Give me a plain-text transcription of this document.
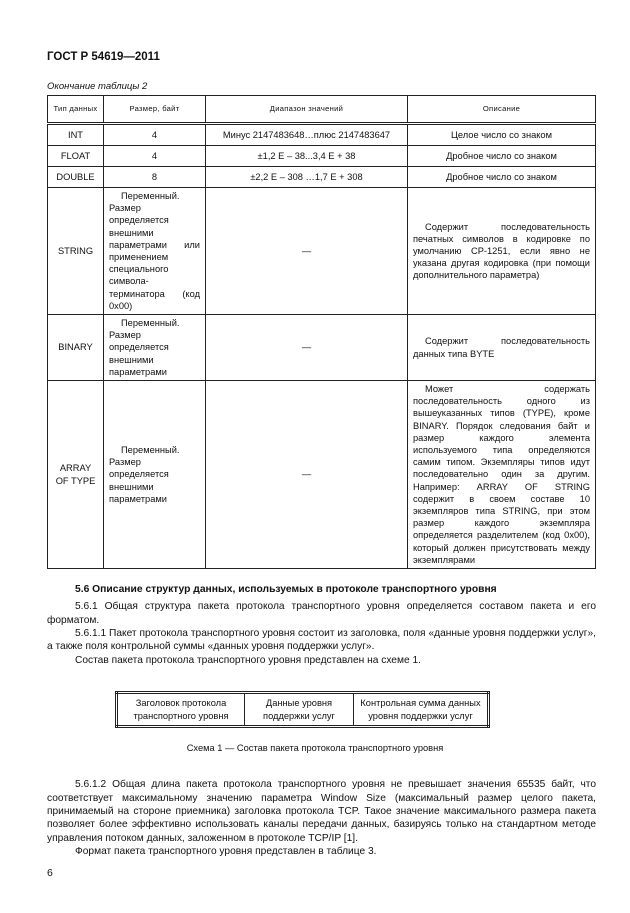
ГОСТ Р 54619—2011
Окончание таблицы 2
Тип данных	Размер, байт	Диапазон значений	Описание
INT	4	Минус 2147483648…плюс 2147483647	Целое число со знаком
FLOAT	4	±1,2 E – 38...3,4 E + 38	Дробное число со знаком
DOUBLE	8	±2,2 E – 308 …1,7 E + 308	Дробное число со знаком
STRING	Переменный. Размер определяется внешними параметрами или применением специального символа-терминатора (код 0x00)	—	Содержит последовательность печатных символов в кодировке по умолчанию CP-1251, если явно не указана другая кодировка (при помощи дополнительного параметра)
BINARY	Переменный. Размер определяется внешними параметрами	—	Содержит последовательность данных типа BYTE
ARRAY OF TYPE	Переменный. Размер определяется внешними параметрами	—	Может содержать последовательность одного из вышеуказанных типов (TYPE), кроме BINARY. Порядок следования байт и размер каждого элемента используемого типа определяются самим типом. Экземпляры типов идут последовательно один за другим. Например: ARRAY OF STRING содержит в своем составе 10 экземпляров типа STRING, при этом размер каждого экземпляра определяется разделителем (код 0x00), который должен присутствовать между экземплярами
5.6 Описание структур данных, используемых в протоколе транспортного уровня
5.6.1 Общая структура пакета протокола транспортного уровня определяется составом пакета и его форматом.
5.6.1.1 Пакет протокола транспортного уровня состоит из заголовка, поля «данные уровня поддержки услуг», а также поля контрольной суммы «данных уровня поддержки услуг».
Состав пакета протокола транспортного уровня представлен на схеме 1.
Заголовок протокола транспортного уровня	Данные уровня поддержки услуг	Контрольная сумма данных уровня поддержки услуг
Схема 1 — Состав пакета протокола транспортного уровня
5.6.1.2 Общая длина пакета протокола транспортного уровня не превышает значения 65535 байт, что соответствует максимальному значению параметра Window Size (максимальный размер целого пакета, принимаемый на стороне приемника) заголовка протокола TCP. Такое значение максимального размера пакета позволяет более эффективно использовать каналы передачи данных, базируясь только на стандартном методе управления потоком данных, заложенном в протоколе TCP/IP [1].
Формат пакета транспортного уровня представлен в таблице 3.
6
